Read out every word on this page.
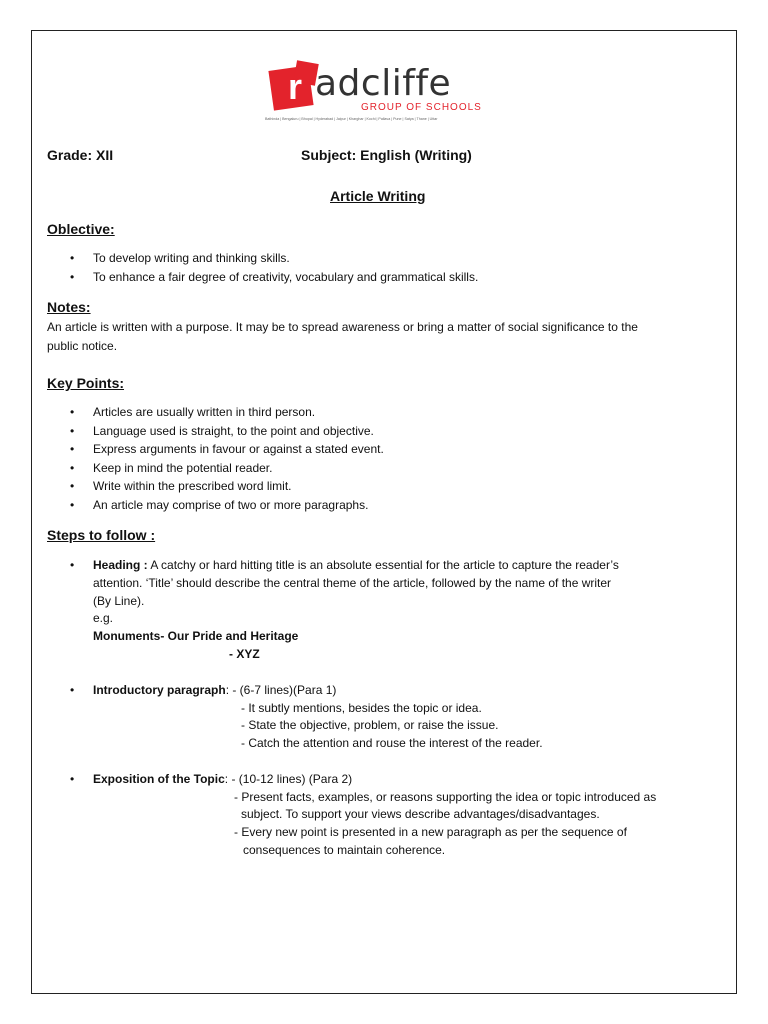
r adcliffe
GROUP OF SCHOOLS
Bathinda | Bengaluru | Bhopal | Hyderabad | Jaipur | Kharghar | Kochi | Pallava | Pune | Satya | Thane | Uttar
Grade: XII	Subject: English (Writing)
Article Writing
Oblective:
• To develop writing and thinking skills.
• To enhance a fair degree of creativity, vocabulary and grammatical skills.
Notes:
An article is written with a purpose. It may be to spread awareness or bring a matter of social significance to the
public notice.
Key Points:
• Articles are usually written in third person.
• Language used is straight, to the point and objective.
• Express arguments in favour or against a stated event.
• Keep in mind the potential reader.
• Write within the prescribed word limit.
• An article may comprise of two or more paragraphs.
Steps to follow :
• Heading : A catchy or hard hitting title is an absolute essential for the article to capture the reader’s
attention. ‘Title’ should describe the central theme of the article, followed by the name of the writer
(By Line).
e.g.
Monuments- Our Pride and Heritage
- XYZ
• Introductory paragraph: - (6-7 lines)(Para 1)
- It subtly mentions, besides the topic or idea.
- State the objective, problem, or raise the issue.
- Catch the attention and rouse the interest of the reader.
• Exposition of the Topic: - (10-12 lines) (Para 2)
- Present facts, examples, or reasons supporting the idea or topic introduced as
subject. To support your views describe advantages/disadvantages.
- Every new point is presented in a new paragraph as per the sequence of
consequences to maintain coherence.
